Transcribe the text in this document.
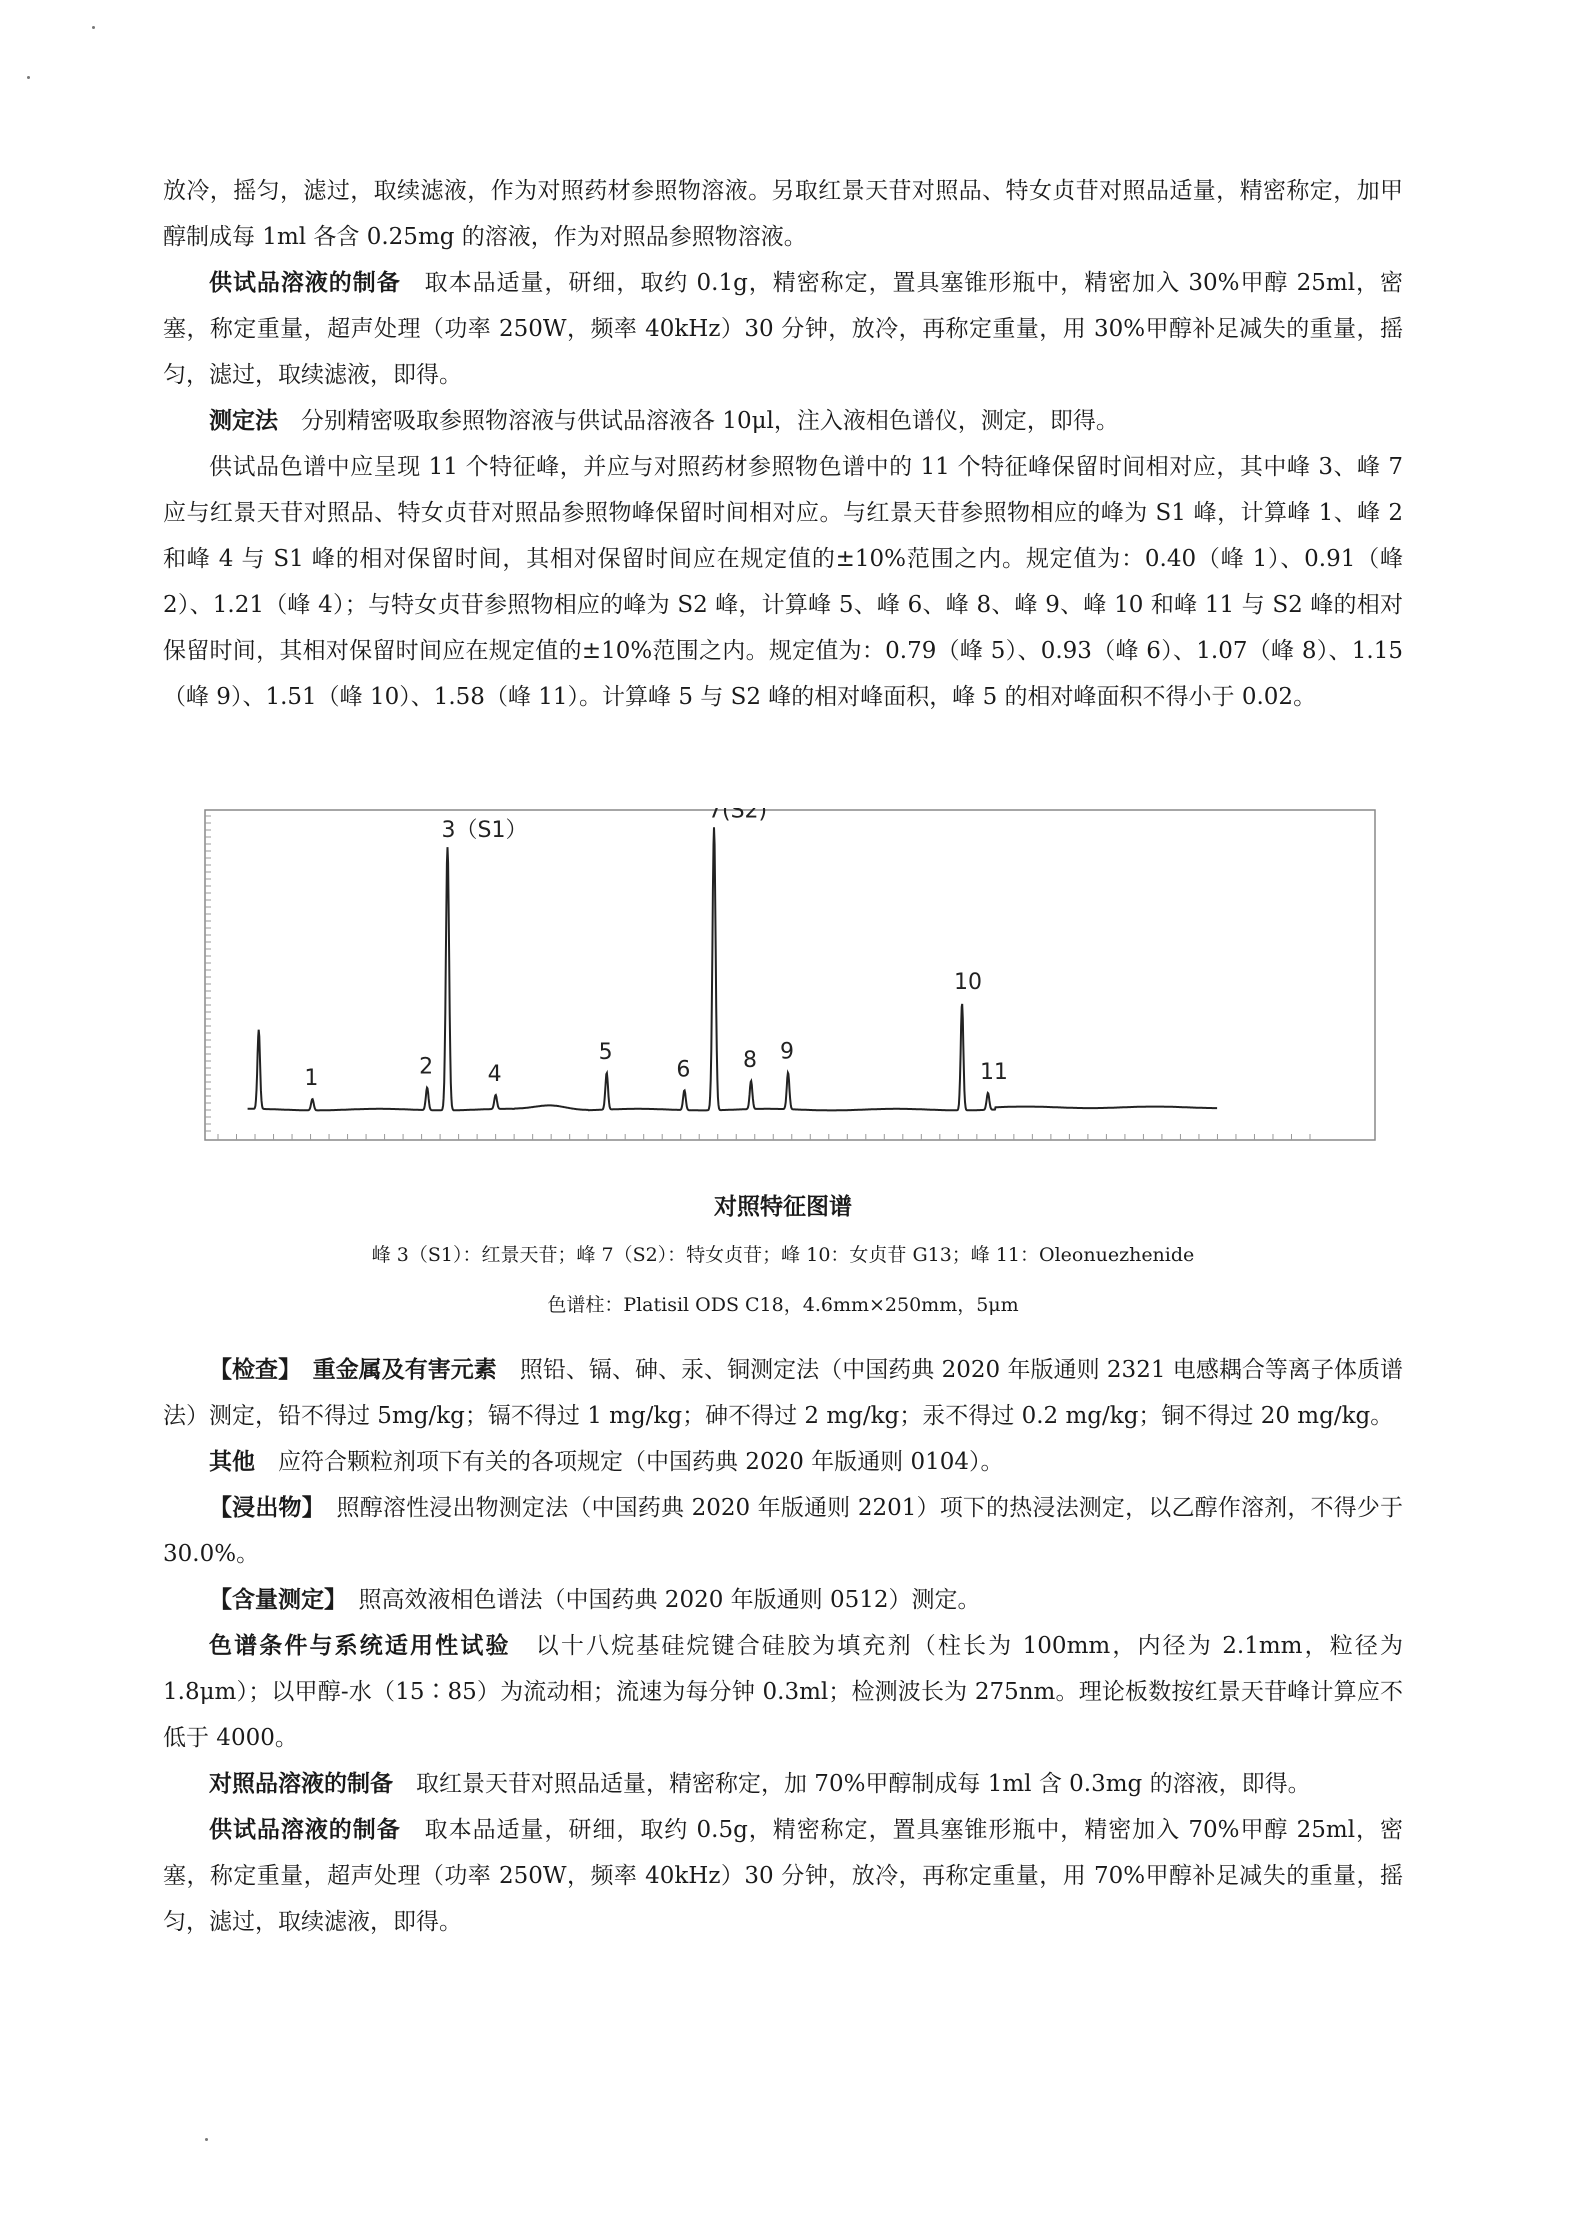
放冷，摇匀，滤过，取续滤液，作为对照药材参照物溶液。另取红景天苷对照品、特女贞苷对照品适量，精密称定，加甲醇制成每 1ml 各含 0.25mg 的溶液，作为对照品参照物溶液。

供试品溶液的制备　取本品适量，研细，取约 0.1g，精密称定，置具塞锥形瓶中，精密加入 30%甲醇 25ml，密塞，称定重量，超声处理（功率 250W，频率 40kHz）30 分钟，放冷，再称定重量，用 30%甲醇补足减失的重量，摇匀，滤过，取续滤液，即得。

测定法　分别精密吸取参照物溶液与供试品溶液各 10μl，注入液相色谱仪，测定，即得。

供试品色谱中应呈现 11 个特征峰，并应与对照药材参照物色谱中的 11 个特征峰保留时间相对应，其中峰 3、峰 7 应与红景天苷对照品、特女贞苷对照品参照物峰保留时间相对应。与红景天苷参照物相应的峰为 S1 峰，计算峰 1、峰 2 和峰 4 与 S1 峰的相对保留时间，其相对保留时间应在规定值的±10%范围之内。规定值为：0.40（峰 1）、0.91（峰 2）、1.21（峰 4）；与特女贞苷参照物相应的峰为 S2 峰，计算峰 5、峰 6、峰 8、峰 9、峰 10 和峰 11 与 S2 峰的相对保留时间，其相对保留时间应在规定值的±10%范围之内。规定值为：0.79（峰 5）、0.93（峰 6）、1.07（峰 8）、1.15（峰 9）、1.51（峰 10）、1.58（峰 11）。计算峰 5 与 S2 峰的相对峰面积，峰 5 的相对峰面积不得小于 0.02。

1	2
3（S1）
4
5
6
7(S2)
8 9
10
11
对照特征图谱
峰 3（S1）：红景天苷；峰 7（S2）：特女贞苷；峰 10：女贞苷 G13；峰 11：Oleonuezhenide
色谱柱：Platisil ODS C18，4.6mm×250mm，5μm

【检查】　重金属及有害元素　照铅、镉、砷、汞、铜测定法（中国药典 2020 年版通则 2321 电感耦合等离子体质谱法）测定，铅不得过 5mg/kg；镉不得过 1 mg/kg；砷不得过 2 mg/kg；汞不得过 0.2 mg/kg；铜不得过 20 mg/kg。

其他　应符合颗粒剂项下有关的各项规定（中国药典 2020 年版通则 0104）。

【浸出物】　照醇溶性浸出物测定法（中国药典 2020 年版通则 2201）项下的热浸法测定，以乙醇作溶剂，不得少于 30.0%。

【含量测定】　照高效液相色谱法（中国药典 2020 年版通则 0512）测定。

色谱条件与系统适用性试验　以十八烷基硅烷键合硅胶为填充剂（柱长为 100mm，内径为 2.1mm，粒径为 1.8μm）；以甲醇-水（15∶85）为流动相；流速为每分钟 0.3ml；检测波长为 275nm。理论板数按红景天苷峰计算应不低于 4000。

对照品溶液的制备　取红景天苷对照品适量，精密称定，加 70%甲醇制成每 1ml 含 0.3mg 的溶液，即得。

供试品溶液的制备　取本品适量，研细，取约 0.5g，精密称定，置具塞锥形瓶中，精密加入 70%甲醇 25ml，密塞，称定重量，超声处理（功率 250W，频率 40kHz）30 分钟，放冷，再称定重量，用 70%甲醇补足减失的重量，摇匀，滤过，取续滤液，即得。
